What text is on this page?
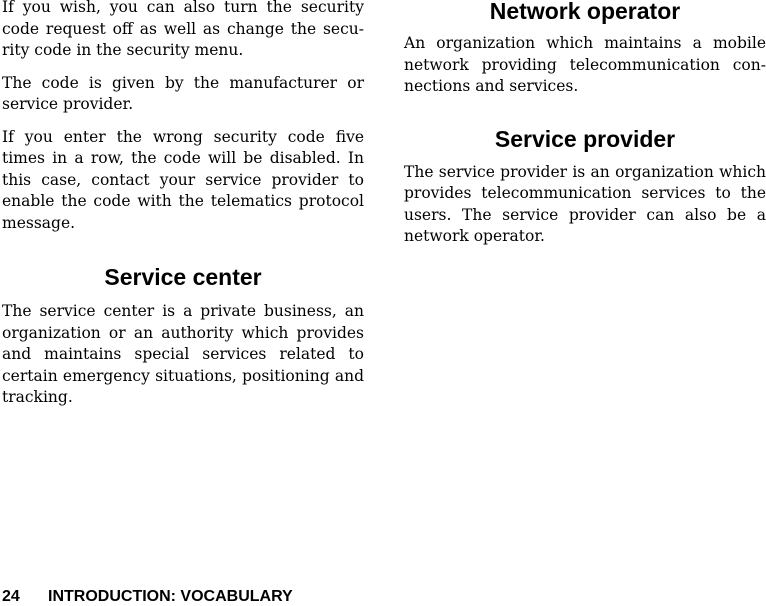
If you wish, you can also turn the security code request off as well as change the security code in the security menu.

The code is given by the manufacturer or service provider.

If you enter the wrong security code five times in a row, the code will be disabled. In this case, contact your service provider to enable the code with the telematics protocol message.

Service center

The service center is a private business, an organization or an authority which provides and maintains special services related to certain emergency situations, positioning and tracking.

Network operator

An organization which maintains a mobile network providing telecommunication connections and services.

Service provider

The service provider is an organization which provides telecommunication services to the users. The service provider can also be a network operator.

24 INTRODUCTION: VOCABULARY
